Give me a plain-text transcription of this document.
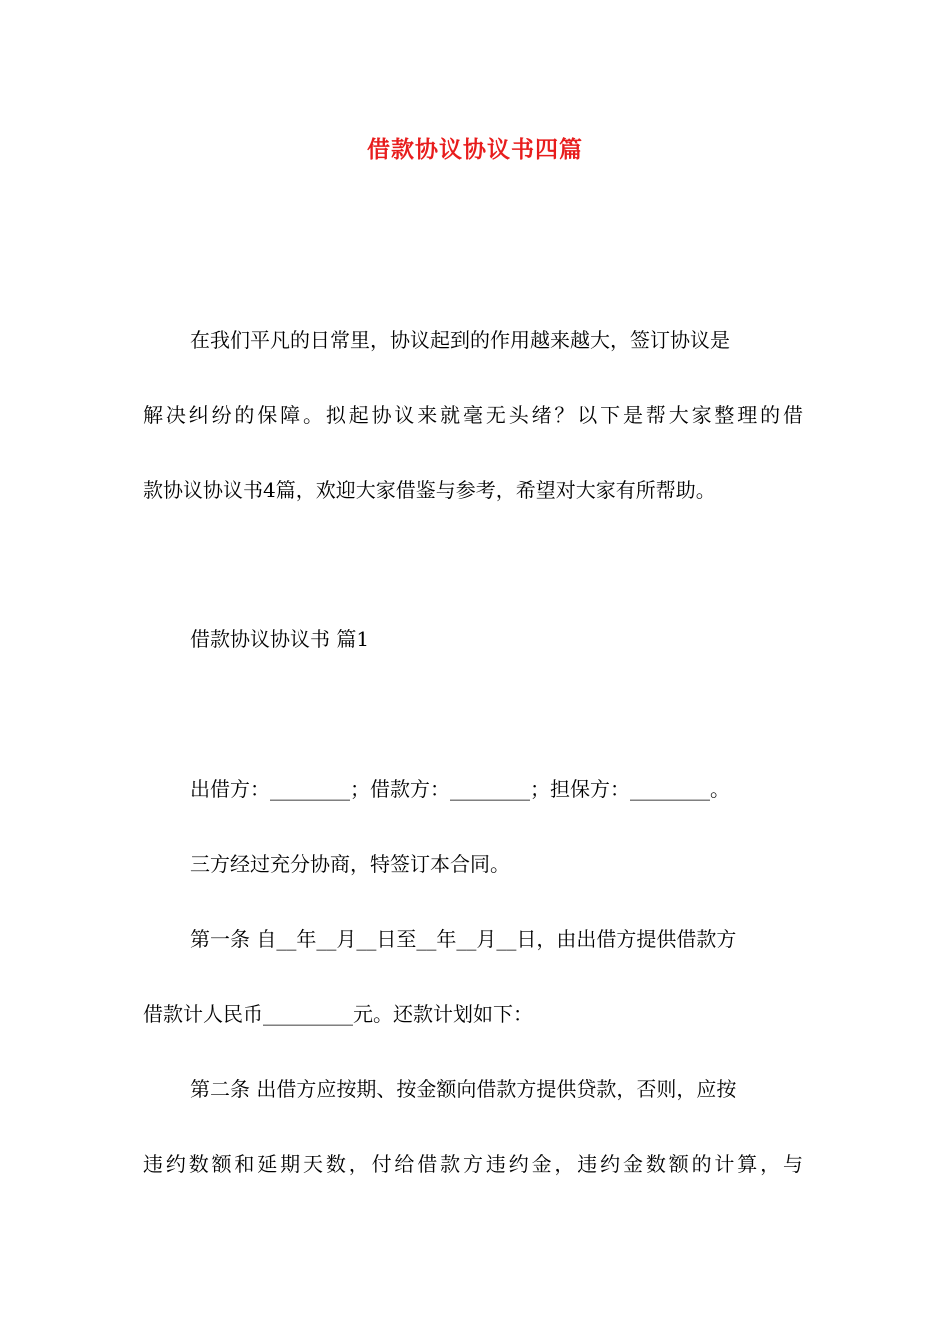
借款协议协议书四篇
在我们平凡的日常里，协议起到的作用越来越大，签订协议是
解决纠纷的保障。拟起协议来就毫无头绪？以下是帮大家整理的借
款协议协议书4篇，欢迎大家借鉴与参考，希望对大家有所帮助。
借款协议协议书 篇1
出借方：________；借款方：________；担保方：________。
三方经过充分协商，特签订本合同。
第一条 自__年__月__日至__年__月__日，由出借方提供借款方
借款计人民币_________元。还款计划如下：
第二条 出借方应按期、按金额向借款方提供贷款，否则，应按
违约数额和延期天数，付给借款方违约金，违约金数额的计算，与
